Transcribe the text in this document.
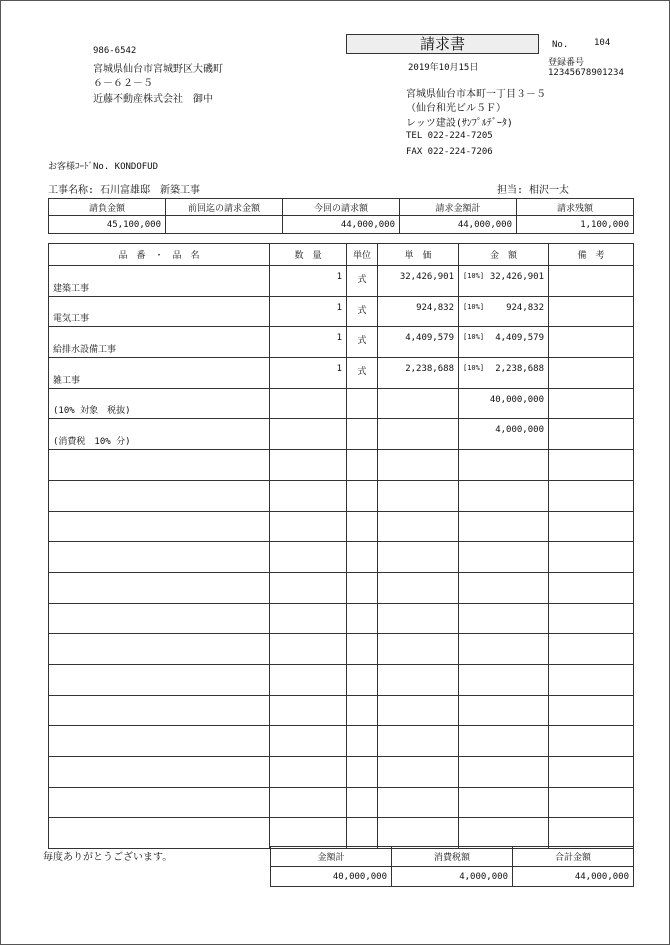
986-6542
宮城県仙台市宮城野区大磯町
６－６２－５
近藤不動産株式会社　御中
請求書	No.	104
登録番号
12345678901234
2019年10月15日
宮城県仙台市本町一丁目３－５
（仙台和光ビル５Ｆ）
レッツ建設(ｻﾝﾌﾟﾙﾃﾞｰﾀ)
TEL 022-224-7205
FAX 022-224-7206
お客様ｺｰﾄﾞNo. KONDOFUD
工事名称: 石川富雄邸　新築工事	担当: 相沢一太
請負金額	前回迄の請求金額	今回の請求額	請求金額計	請求残額
45,100,000		44,000,000	44,000,000	1,100,000
品　番　・　品　名	数　量	単位	単　価	金　額	備　考
建築工事	1	式	32,426,901	[10%] 32,426,901	
電気工事	1	式	924,832	[10%] 924,832	
給排水設備工事	1	式	4,409,579	[10%] 4,409,579	
雑工事	1	式	2,238,688	[10%] 2,238,688	
(10% 対象　税抜)				40,000,000	
(消費税　10% 分)				4,000,000	

毎度ありがとうございます。	金額計	消費税額	合計金額
40,000,000	4,000,000	44,000,000
